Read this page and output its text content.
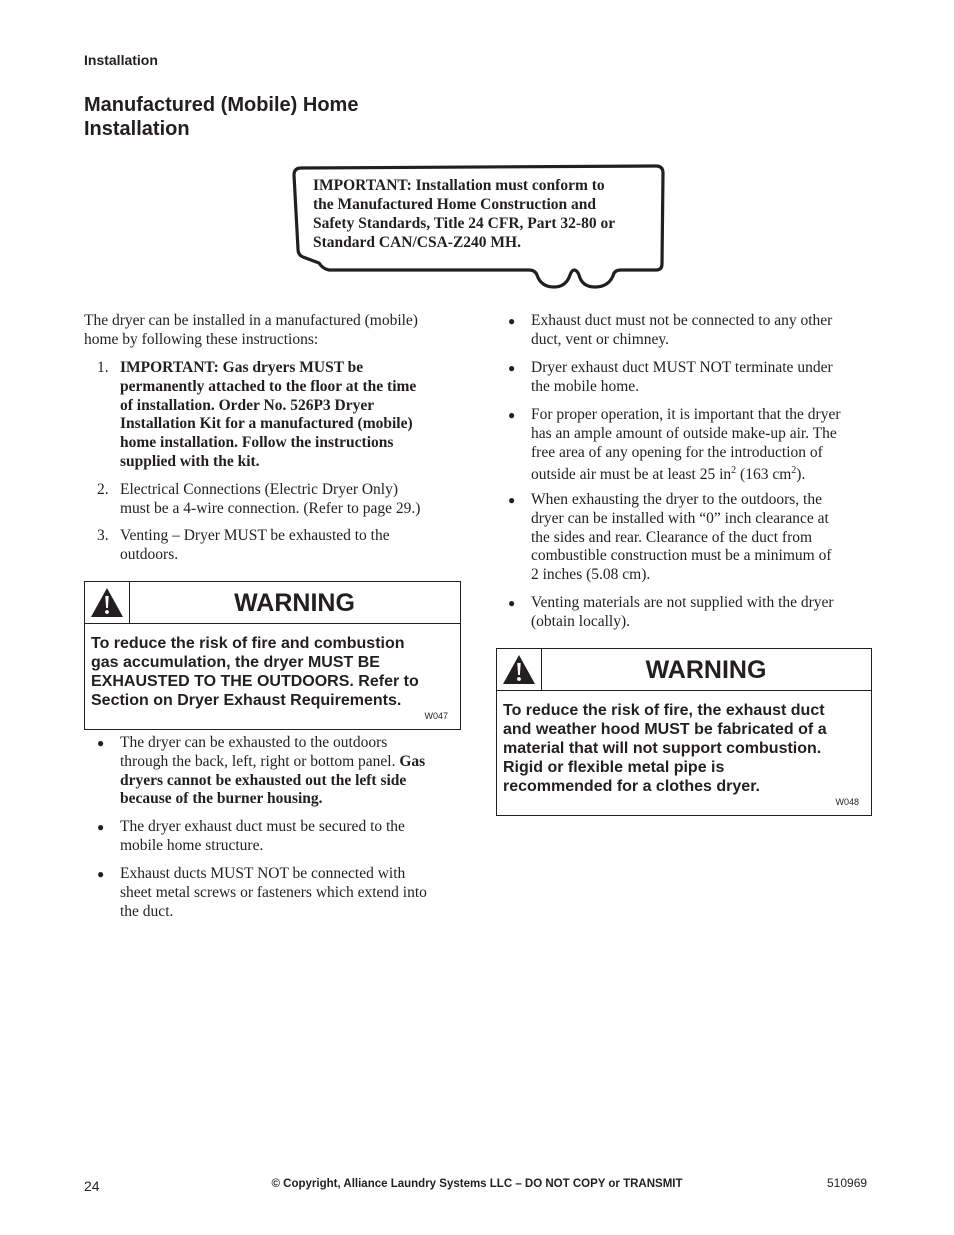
Installation
Manufactured (Mobile) Home
Installation
IMPORTANT: Installation must conform to
the Manufactured Home Construction and
Safety Standards, Title 24 CFR, Part 32-80 or
Standard CAN/CSA-Z240 MH.
The dryer can be installed in a manufactured (mobile)
home by following these instructions:
1. IMPORTANT: Gas dryers MUST be
permanently attached to the floor at the time
of installation. Order No. 526P3 Dryer
Installation Kit for a manufactured (mobile)
home installation. Follow the instructions
supplied with the kit.
2. Electrical Connections (Electric Dryer Only)
must be a 4-wire connection. (Refer to page 29.)
3. Venting – Dryer MUST be exhausted to the
outdoors.
WARNING
To reduce the risk of fire and combustion
gas accumulation, the dryer MUST BE
EXHAUSTED TO THE OUTDOORS. Refer to
Section on Dryer Exhaust Requirements.
W047
● The dryer can be exhausted to the outdoors
through the back, left, right or bottom panel. Gas
dryers cannot be exhausted out the left side
because of the burner housing.
● The dryer exhaust duct must be secured to the
mobile home structure.
● Exhaust ducts MUST NOT be connected with
sheet metal screws or fasteners which extend into
the duct.
● Exhaust duct must not be connected to any other
duct, vent or chimney.
● Dryer exhaust duct MUST NOT terminate under
the mobile home.
● For proper operation, it is important that the dryer
has an ample amount of outside make-up air. The
free area of any opening for the introduction of
outside air must be at least 25 $in^2$ (163 $cm^2$).
● When exhausting the dryer to the outdoors, the
dryer can be installed with “0” inch clearance at
the sides and rear. Clearance of the duct from
combustible construction must be a minimum of
2 inches (5.08 cm).
● Venting materials are not supplied with the dryer
(obtain locally).
WARNING
To reduce the risk of fire, the exhaust duct
and weather hood MUST be fabricated of a
material that will not support combustion.
Rigid or flexible metal pipe is
recommended for a clothes dryer.
W048
24	© Copyright, Alliance Laundry Systems LLC – DO NOT COPY or TRANSMIT	510969
